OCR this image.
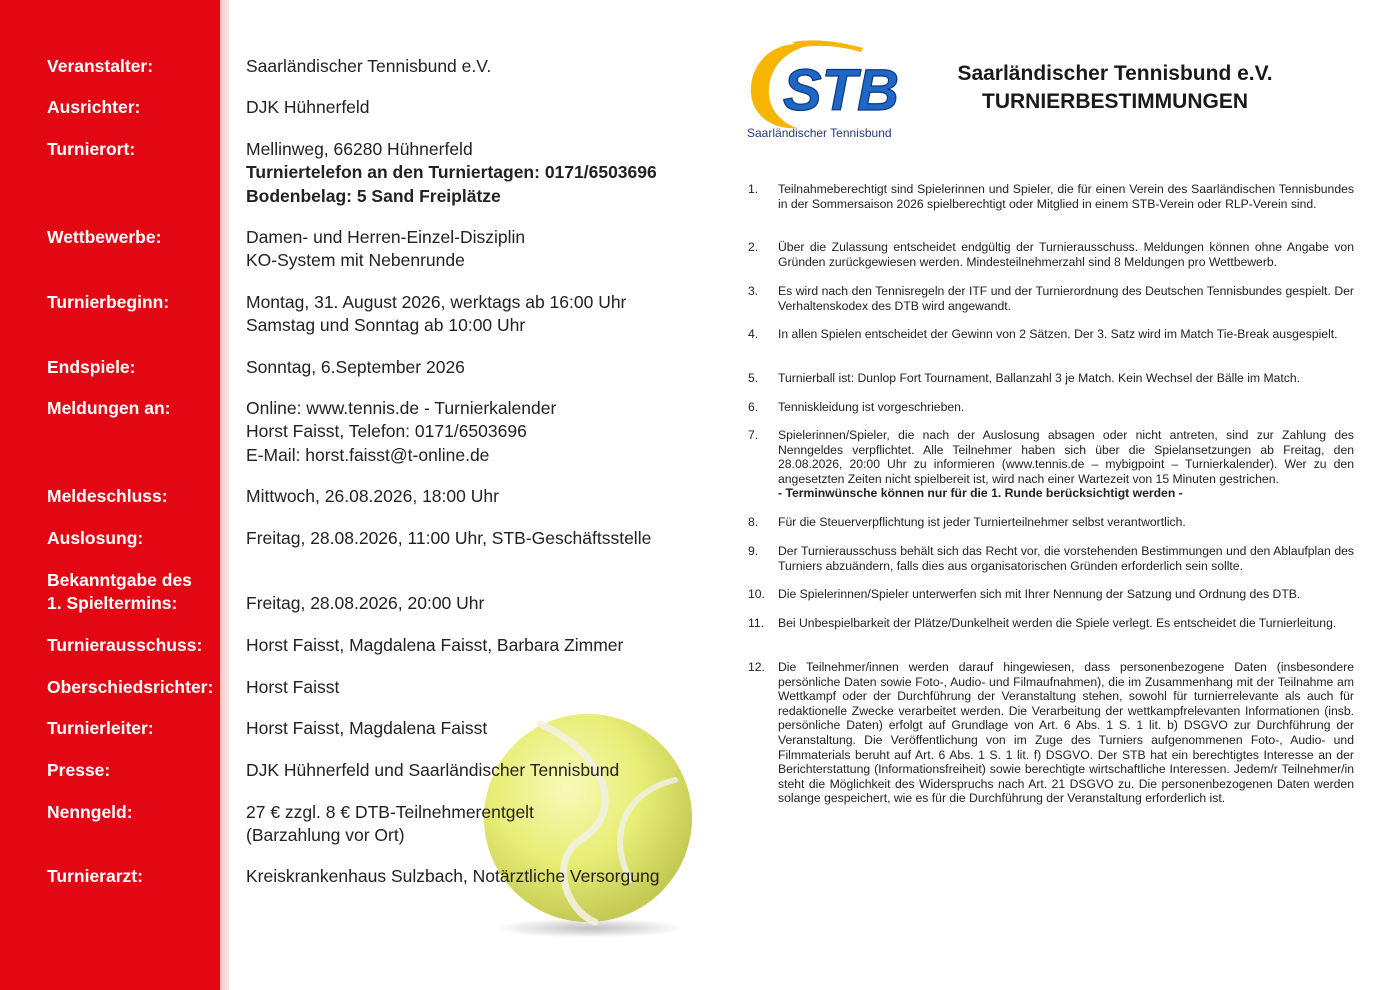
Veranstalter:	Saarländischer Tennisbund e.V.
Ausrichter:	DJK Hühnerfeld
Turnierort:	Mellinweg, 66280 Hühnerfeld
Turniertelefon an den Turniertagen: 0171/6503696
Bodenbelag: 5 Sand Freiplätze
Wettbewerbe:	Damen- und Herren-Einzel-Disziplin
KO-System mit Nebenrunde
Turnierbeginn:	Montag, 31. August 2026, werktags ab 16:00 Uhr
Samstag und Sonntag ab 10:00 Uhr
Endspiele:	Sonntag, 6.September 2026
Meldungen an:	Online: www.tennis.de - Turnierkalender
Horst Faisst, Telefon: 0171/6503696
E-Mail: horst.faisst@t-online.de
Meldeschluss:	Mittwoch, 26.08.2026, 18:00 Uhr
Auslosung:	Freitag, 28.08.2026, 11:00 Uhr, STB-Geschäftsstelle
Bekanntgabe des
1. Spieltermins:	Freitag, 28.08.2026, 20:00 Uhr
Turnierausschuss:	Horst Faisst, Magdalena Faisst, Barbara Zimmer
Oberschiedsrichter:	Horst Faisst
Turnierleiter:	Horst Faisst, Magdalena Faisst
Presse:	DJK Hühnerfeld und Saarländischer Tennisbund
Nenngeld:	27 € zzgl. 8 € DTB-Teilnehmerentgelt
(Barzahlung vor Ort)
Turnierarzt:	Kreiskrankenhaus Sulzbach, Notärztliche Versorgung
STB
Saarländischer Tennisbund
Saarländischer Tennisbund e.V.
TURNIERBESTIMMUNGEN
1.	Teilnahmeberechtigt sind Spielerinnen und Spieler, die für einen Verein des Saarländischen Tennisbundes in der Sommersaison 2026 spielberechtigt oder Mitglied in einem STB-Verein oder RLP-Verein sind.
2.	Über die Zulassung entscheidet endgültig der Turnierausschuss. Meldungen können ohne Angabe von Gründen zurückgewiesen werden. Mindesteilnehmerzahl sind 8 Meldungen pro Wettbewerb.
3.	Es wird nach den Tennisregeln der ITF und der Turnierordnung des Deutschen Tennisbundes gespielt. Der Verhaltenskodex des DTB wird angewandt.
4.	In allen Spielen entscheidet der Gewinn von 2 Sätzen. Der 3. Satz wird im Match Tie-Break ausgespielt.
5.	Turnierball ist: Dunlop Fort Tournament, Ballanzahl 3 je Match. Kein Wechsel der Bälle im Match.
6.	Tenniskleidung ist vorgeschrieben.
7.	Spielerinnen/Spieler, die nach der Auslosung absagen oder nicht antreten, sind zur Zahlung des Nenngeldes verpflichtet. Alle Teilnehmer haben sich über die Spielansetzungen ab Freitag, den 28.08.2026, 20:00 Uhr zu informieren (www.tennis.de – mybigpoint – Turnierkalender). Wer zu den angesetzten Zeiten nicht spielbereit ist, wird nach einer Wartezeit von 15 Minuten gestrichen.
- Terminwünsche können nur für die 1. Runde berücksichtigt werden -
8.	Für die Steuerverpflichtung ist jeder Turnierteilnehmer selbst verantwortlich.
9.	Der Turnierausschuss behält sich das Recht vor, die vorstehenden Bestimmungen und den Ablaufplan des Turniers abzuändern, falls dies aus organisatorischen Gründen erforderlich sein sollte.
10.	Die Spielerinnen/Spieler unterwerfen sich mit Ihrer Nennung der Satzung und Ordnung des DTB.
11.	Bei Unbespielbarkeit der Plätze/Dunkelheit werden die Spiele verlegt. Es entscheidet die Turnierleitung.
12.	Die Teilnehmer/innen werden darauf hingewiesen, dass personenbezogene Daten (insbesondere persönliche Daten sowie Foto-, Audio- und Filmaufnahmen), die im Zusammenhang mit der Teilnahme am Wettkampf oder der Durchführung der Veranstaltung stehen, sowohl für turnierrelevante als auch für redaktionelle Zwecke verarbeitet werden. Die Verarbeitung der wettkampfrelevanten Informationen (insb. persönliche Daten) erfolgt auf Grundlage von Art. 6 Abs. 1 S. 1 lit. b) DSGVO zur Durchführung der Veranstaltung. Die Veröffentlichung von im Zuge des Turniers aufgenommenen Foto-, Audio- und Filmmaterials beruht auf Art. 6 Abs. 1 S. 1 lit. f) DSGVO. Der STB hat ein berechtigtes Interesse an der Berichterstattung (Informationsfreiheit) sowie berechtigte wirtschaftliche Interessen. Jedem/r Teilnehmer/in steht die Möglichkeit des Widerspruchs nach Art. 21 DSGVO zu. Die personenbezogenen Daten werden solange gespeichert, wie es für die Durchführung der Veranstaltung erforderlich ist.
